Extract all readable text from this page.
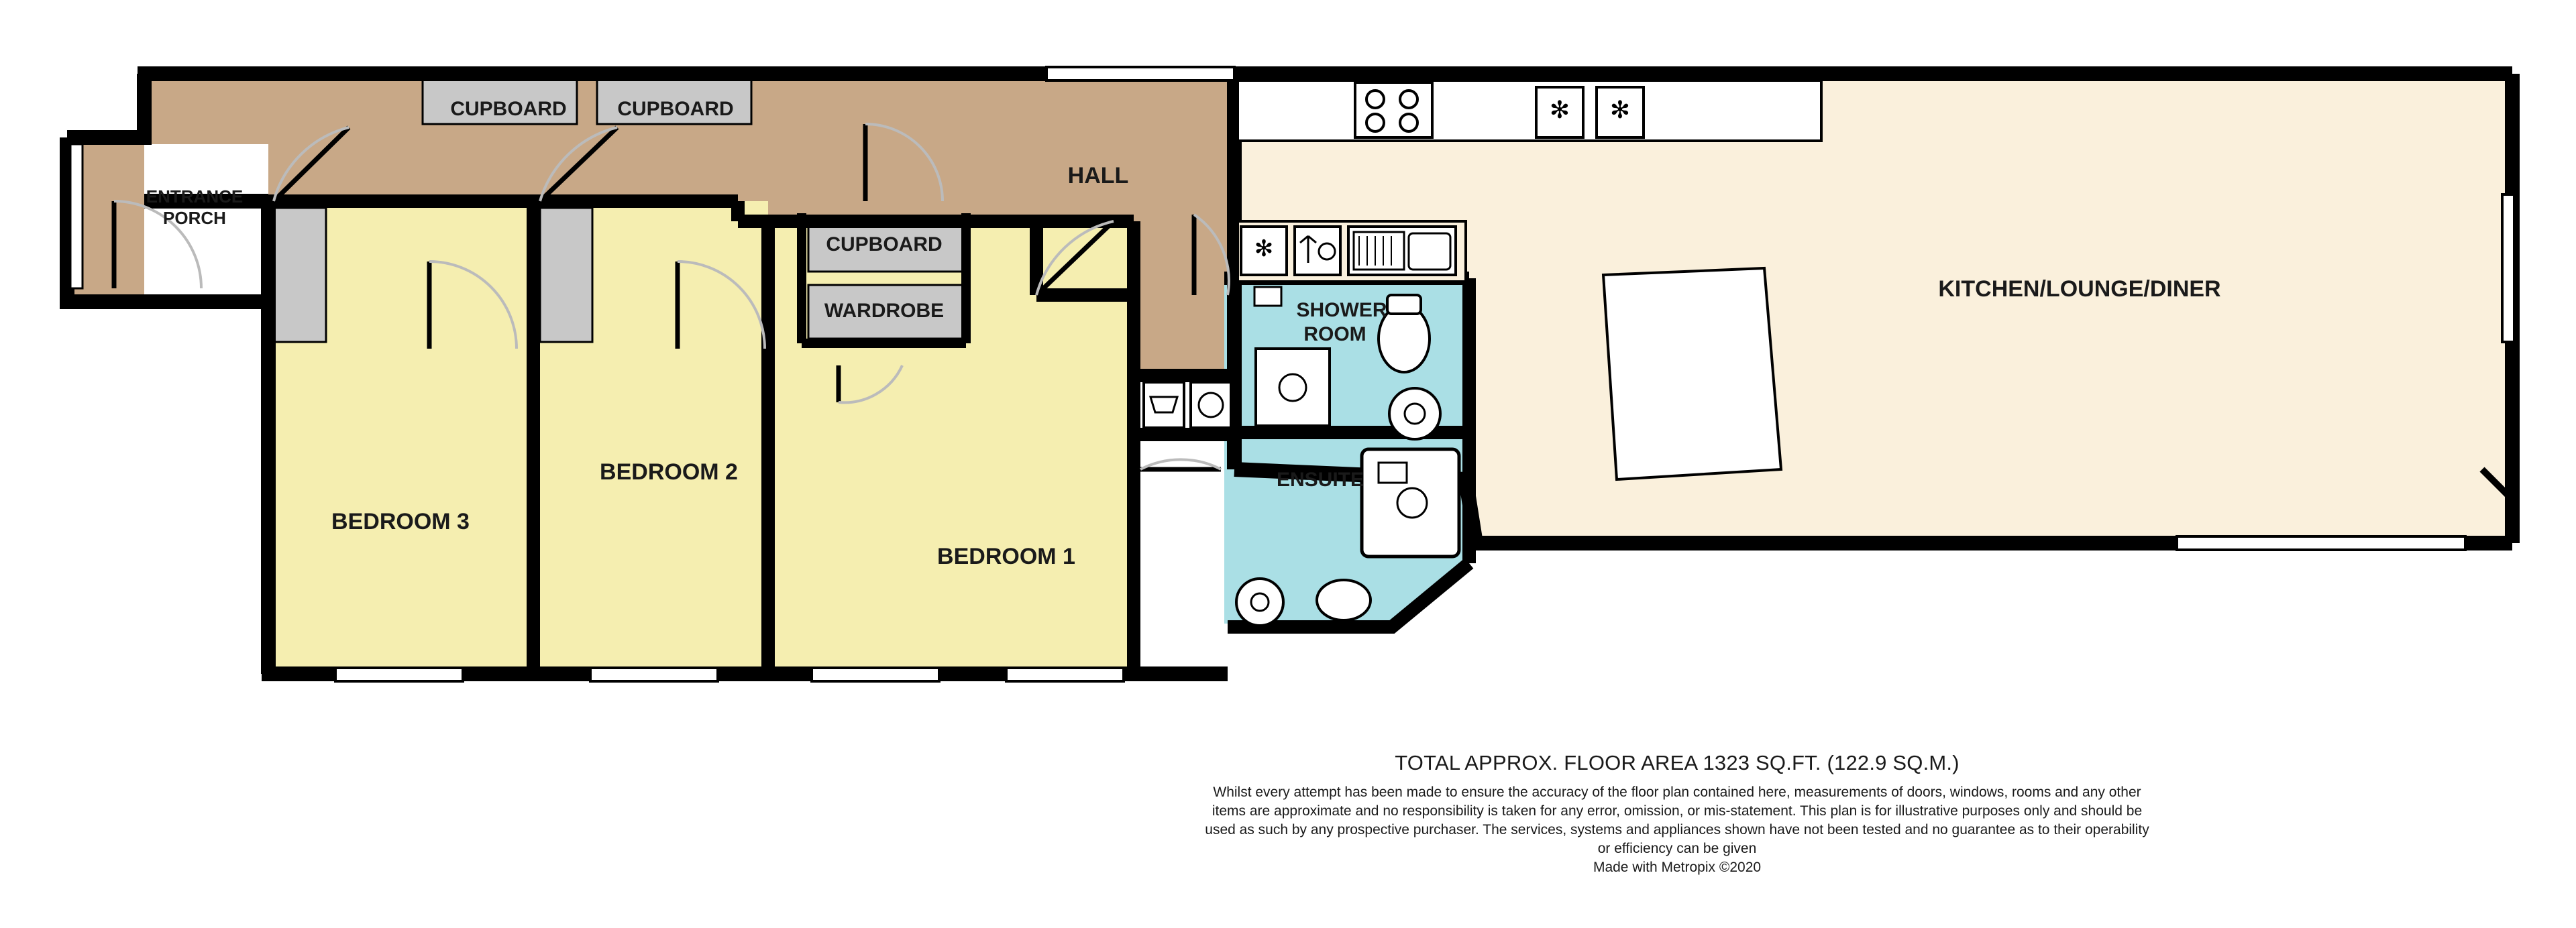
✻ ✻
✻
ENTRANCE
PORCH
BEDROOM 3
BEDROOM 2
BEDROOM 1
HALL
KITCHEN/LOUNGE/DINER
SHOWER
ROOM
ENSUITE
CUPBOARD	CUPBOARD
CUPBOARD
WARDROBE
TOTAL APPROX. FLOOR AREA 1323 SQ.FT. (122.9 SQ.M.)
Whilst every attempt has been made to ensure the accuracy of the floor plan contained here, measurements of doors, windows, rooms and any other items are approximate and no responsibility is taken for any error, omission, or mis-statement. This plan is for illustrative purposes only and should be used as such by any prospective purchaser. The services, systems and appliances shown have not been tested and no guarantee as to their operability or efficiency can be given
Made with Metropix ©2020
